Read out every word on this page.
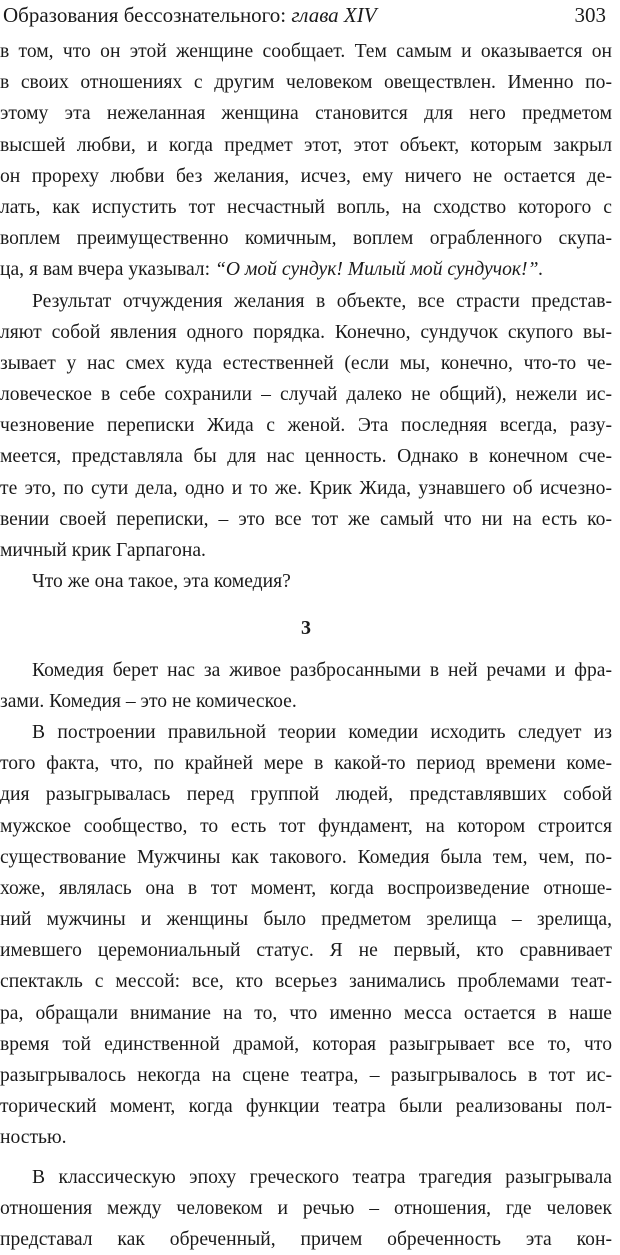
Образования бессознательного: глава XIV	303
в том, что он этой женщине сообщает. Тем самым и оказывается он
в своих отношениях с другим человеком овеществлен. Именно по-
этому эта нежеланная женщина становится для него предметом
высшей любви, и когда предмет этот, этот объект, которым закрыл
он прореху любви без желания, исчез, ему ничего не остается де-
лать, как испустить тот несчастный вопль, на сходство которого с
воплем преимущественно комичным, воплем ограбленного скупа-
ца, я вам вчера указывал: “О мой сундук! Милый мой сундучок!”.
Результат отчуждения желания в объекте, все страсти представ-
ляют собой явления одного порядка. Конечно, сундучок скупого вы-
зывает у нас смех куда естественней (если мы, конечно, что-то че-
ловеческое в себе сохранили – случай далеко не общий), нежели ис-
чезновение переписки Жида с женой. Эта последняя всегда, разу-
меется, представляла бы для нас ценность. Однако в конечном сче-
те это, по сути дела, одно и то же. Крик Жида, узнавшего об исчезно-
вении своей переписки, – это все тот же самый что ни на есть ко-
мичный крик Гарпагона.
Что же она такое, эта комедия?
3
Комедия берет нас за живое разбросанными в ней речами и фра-
зами. Комедия – это не комическое.
В построении правильной теории комедии исходить следует из
того факта, что, по крайней мере в какой-то период времени коме-
дия разыгрывалась перед группой людей, представлявших собой
мужское сообщество, то есть тот фундамент, на котором строится
существование Мужчины как такового. Комедия была тем, чем, по-
хоже, являлась она в тот момент, когда воспроизведение отноше-
ний мужчины и женщины было предметом зрелища – зрелища,
имевшего церемониальный статус. Я не первый, кто сравнивает
спектакль с мессой: все, кто всерьез занимались проблемами теат-
ра, обращали внимание на то, что именно месса остается в наше
время той единственной драмой, которая разыгрывает все то, что
разыгрывалось некогда на сцене театра, – разыгрывалось в тот ис-
торический момент, когда функции театра были реализованы пол-
ностью.
В классическую эпоху греческого театра трагедия разыгрывала
отношения между человеком и речью – отношения, где человек
представал как обреченный, причем обреченность эта кон-
